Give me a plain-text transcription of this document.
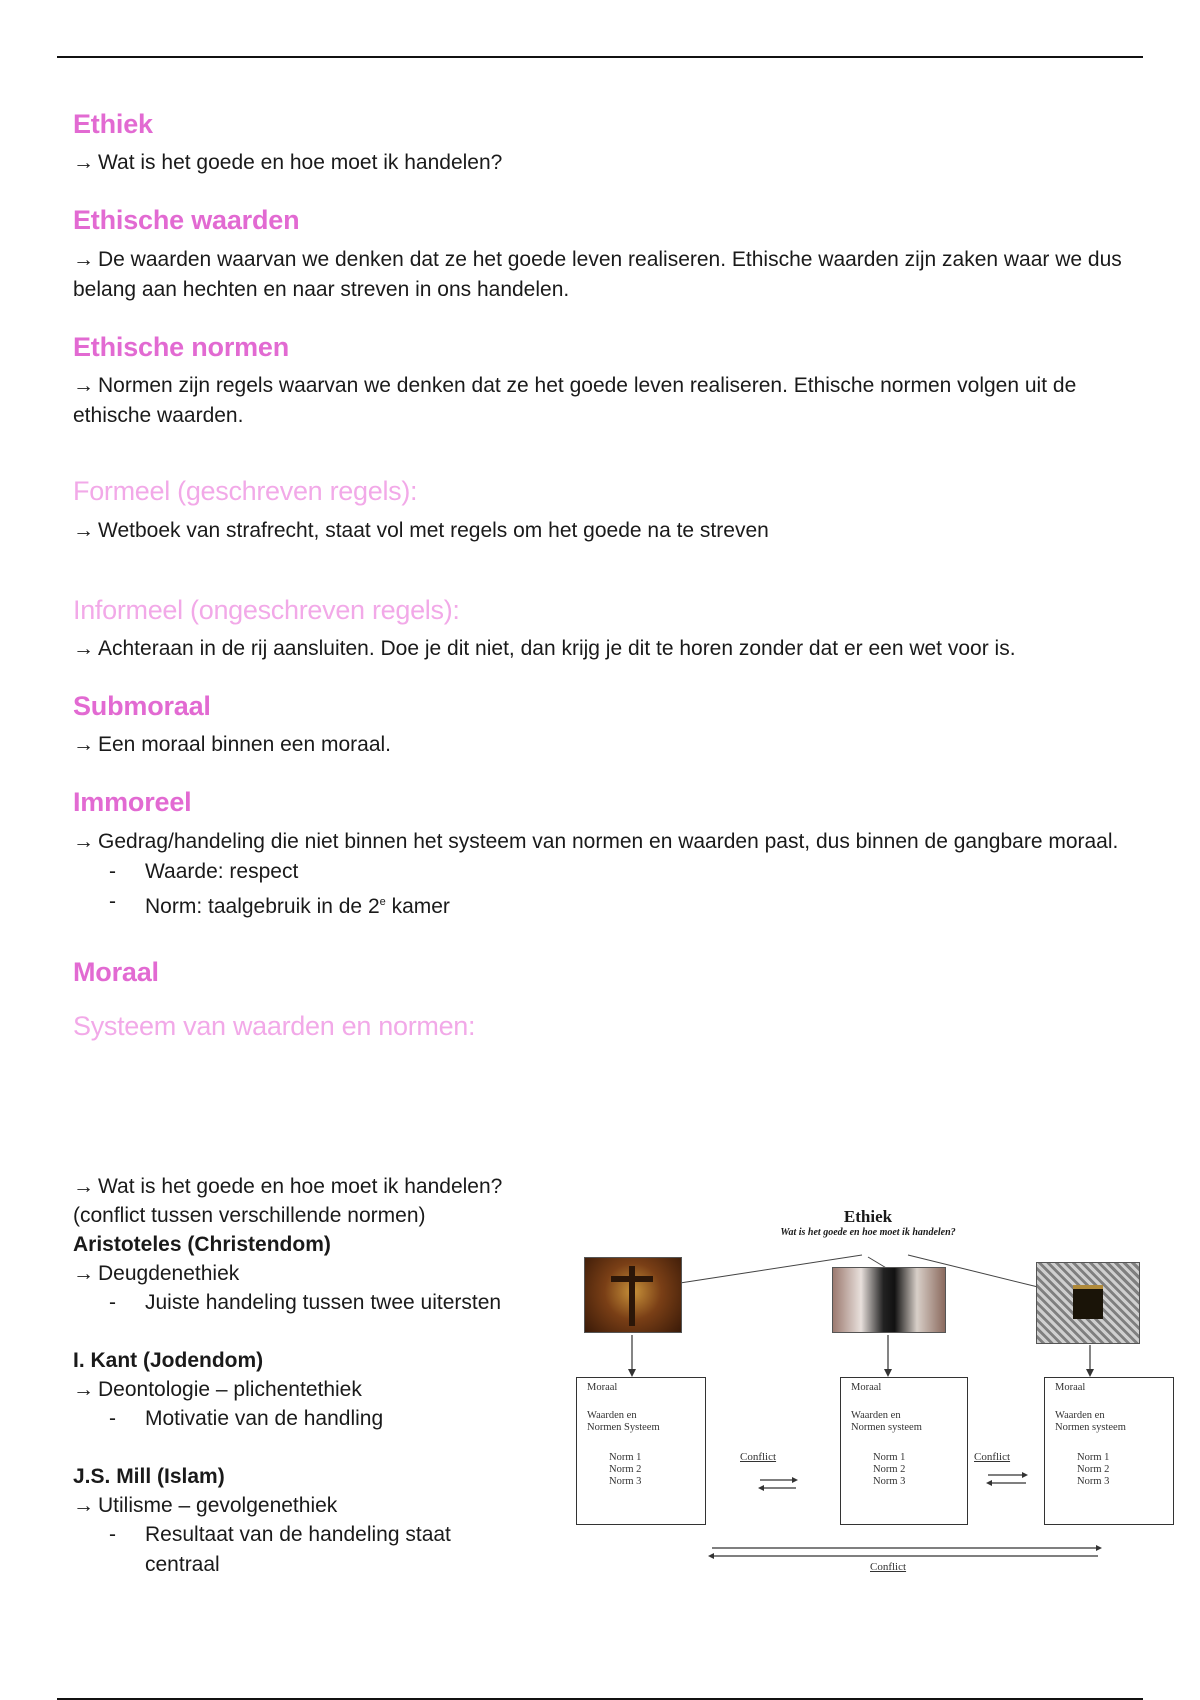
Ethiek

→ Wat is het goede en hoe moet ik handelen?

Ethische waarden

→ De waarden waarvan we denken dat ze het goede leven realiseren. Ethische waarden zijn zaken waar we dus belang aan hechten en naar streven in ons handelen.

Ethische normen

→ Normen zijn regels waarvan we denken dat ze het goede leven realiseren. Ethische normen volgen uit de ethische waarden.

Formeel (geschreven regels):

→ Wetboek van strafrecht, staat vol met regels om het goede na te streven

Informeel (ongeschreven regels):

→ Achteraan in de rij aansluiten. Doe je dit niet, dan krijg je dit te horen zonder dat er een wet voor is.

Submoraal

→ Een moraal binnen een moraal.

Immoreel

→ Gedrag/handeling die niet binnen het systeem van normen en waarden past, dus binnen de gangbare moraal.

- Waarde: respect
- Norm: taalgebruik in de 2e kamer
Moraal
Systeem van waarden en normen:
→ Wat is het goede en hoe moet ik handelen?
(conflict tussen verschillende normen)
Aristoteles (Christendom)
→ Deugdenethiek
- Juiste handeling tussen twee uitersten
I. Kant (Jodendom)
→ Deontologie – plichentethiek
- Motivatie van de handling
J.S. Mill (Islam)
→ Utilisme – gevolgenethiek
- Resultaat van de handeling staat
centraal
Ethiek
Wat is het goede en hoe moet ik handelen?
Moraal
Waarden en
Normen Systeem
Norm 1
Norm 2
Norm 3
Moraal
Waarden en
Normen systeem
Norm 1
Norm 2
Norm 3
Moraal
Waarden en
Normen systeem
Norm 1
Norm 2
Norm 3
Conflict	Conflict
Conflict
